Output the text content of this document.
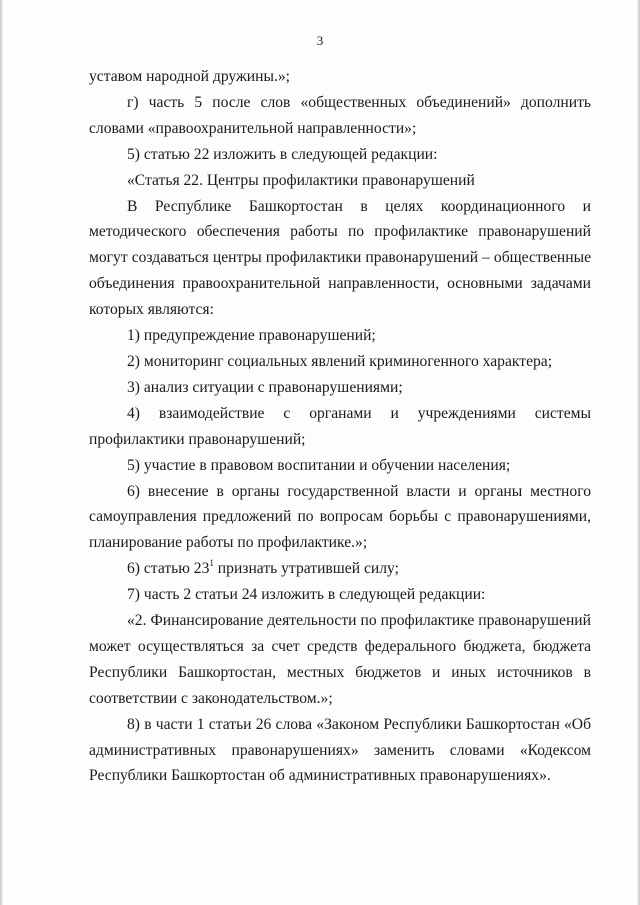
3

уставом народной дружины.»;

г) часть 5 после слов «общественных объединений» дополнить словами «правоохранительной направленности»;

5) статью 22 изложить в следующей редакции:

«Статья 22. Центры профилактики правонарушений

В Республике Башкортостан в целях координационного и методического обеспечения работы по профилактике правонарушений могут создаваться центры профилактики правонарушений – общественные объединения правоохранительной направленности, основными задачами которых являются:

1) предупреждение правонарушений;

2) мониторинг социальных явлений криминогенного характера;

3) анализ ситуации с правонарушениями;

4) взаимодействие с органами и учреждениями системы профилактики правонарушений;

5) участие в правовом воспитании и обучении населения;

6) внесение в органы государственной власти и органы местного самоуправления предложений по вопросам борьбы с правонарушениями, планирование работы по профилактике.»;

6) статью $23^1$ признать утратившей силу;

7) часть 2 статьи 24 изложить в следующей редакции:

«2. Финансирование деятельности по профилактике правонарушений может осуществляться за счет средств федерального бюджета, бюджета Республики Башкортостан, местных бюджетов и иных источников в соответствии с законодательством.»;

8) в части 1 статьи 26 слова «Законом Республики Башкортостан «Об административных правонарушениях» заменить словами «Кодексом Республики Башкортостан об административных правонарушениях».
